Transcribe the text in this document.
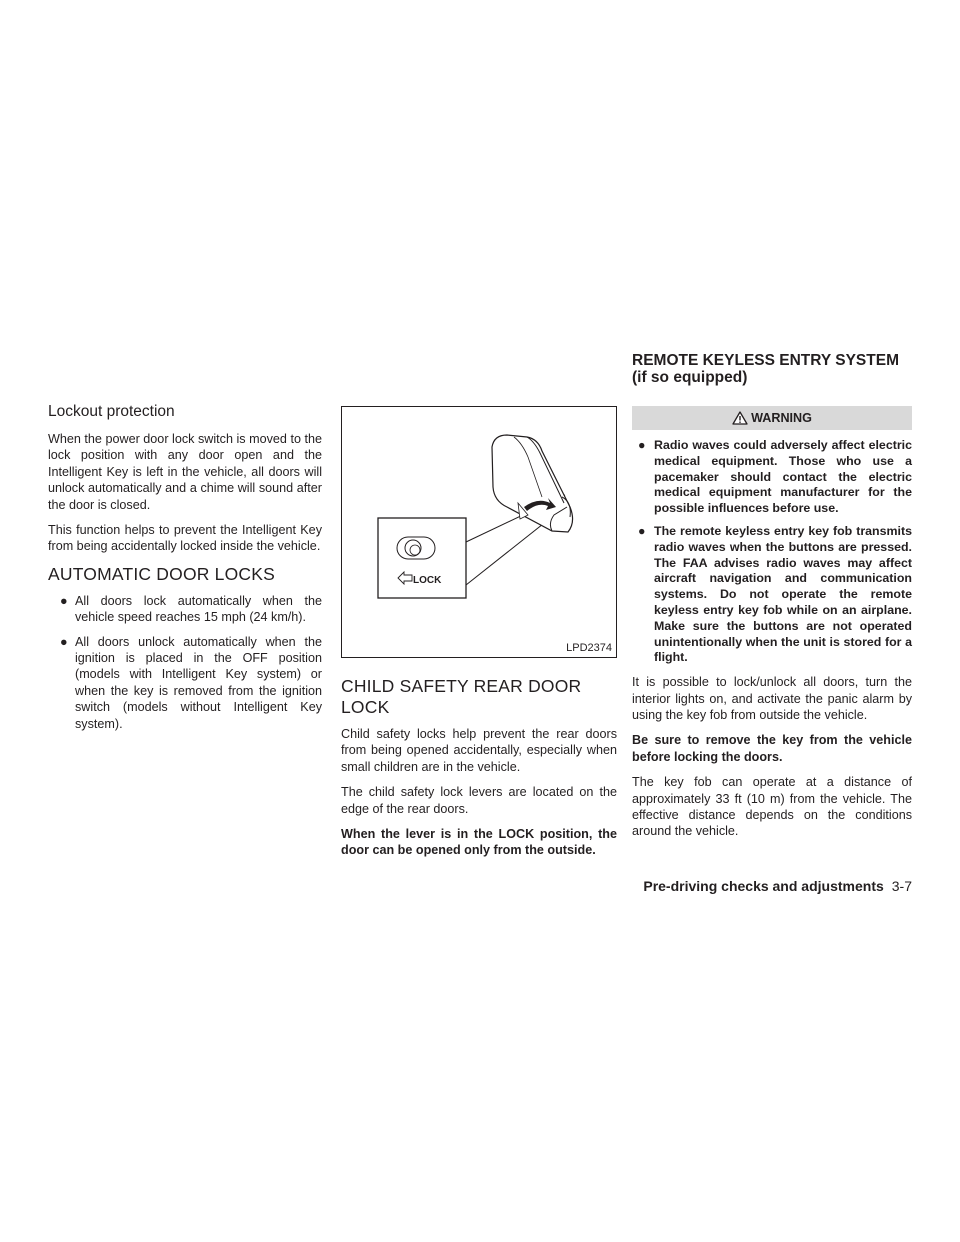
REMOTE KEYLESS ENTRY SYSTEM
(if so equipped)
Lockout protection

When the power door lock switch is moved to the lock position with any door open and the Intelligent Key is left in the vehicle, all doors will unlock automatically and a chime will sound after the door is closed.

This function helps to prevent the Intelligent Key from being accidentally locked inside the vehicle.

AUTOMATIC DOOR LOCKS
● All doors lock automatically when the vehicle speed reaches 15 mph (24 km/h).
● All doors unlock automatically when the ignition is placed in the OFF position (models with Intelligent Key system) or when the key is removed from the ignition switch (models without Intelligent Key system).
LOCK
LPD2374
CHILD SAFETY REAR DOOR LOCK

Child safety locks help prevent the rear doors from being opened accidentally, especially when small children are in the vehicle.

The child safety lock levers are located on the edge of the rear doors.

When the lever is in the LOCK position, the door can be opened only from the outside.

WARNING
● Radio waves could adversely affect electric medical equipment. Those who use a pacemaker should contact the electric medical equipment manufacturer for the possible influences before use.
● The remote keyless entry key fob transmits radio waves when the buttons are pressed. The FAA advises radio waves may affect aircraft navigation and communication systems. Do not operate the remote keyless entry key fob while on an airplane. Make sure the buttons are not operated unintentionally when the unit is stored for a flight.

It is possible to lock/unlock all doors, turn the interior lights on, and activate the panic alarm by using the key fob from outside the vehicle.

Be sure to remove the key from the vehicle before locking the doors.

The key fob can operate at a distance of approximately 33 ft (10 m) from the vehicle. The effective distance depends on the conditions around the vehicle.

Pre-driving checks and adjustments 3-7
